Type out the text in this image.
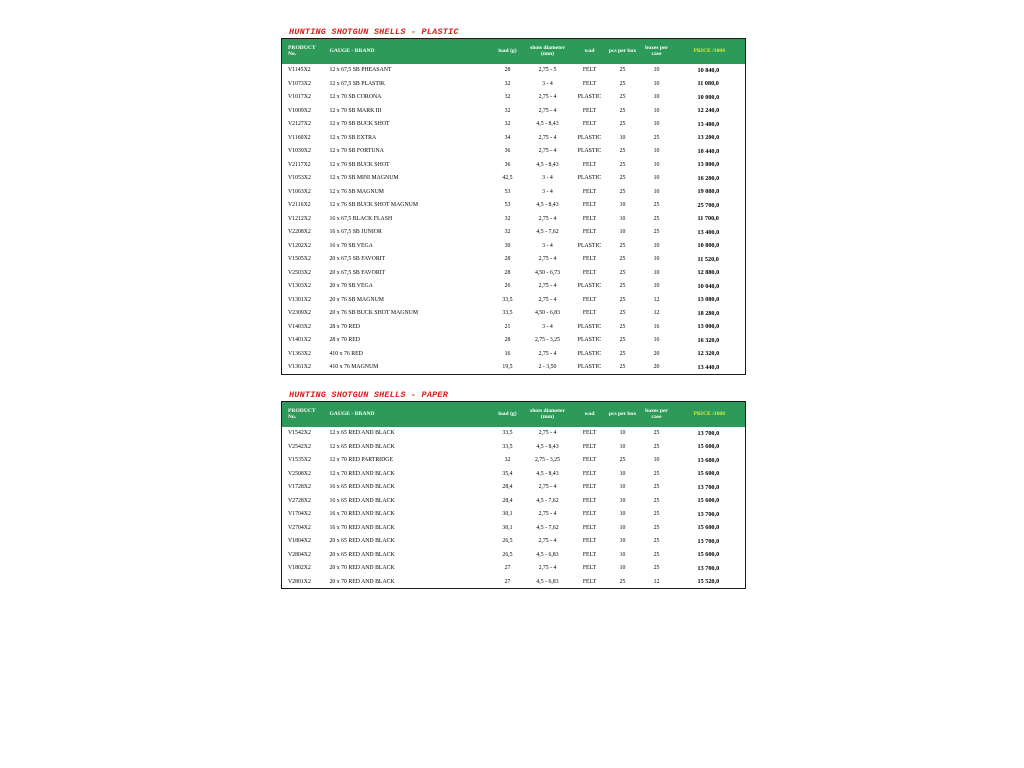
HUNTING SHOTGUN SHELLS - PLASTIC
PRODUCT No.	GAUGE - BRAND	load (g)	shots diameter (mm)	wad	pcs per box	boxes per case	PRICE /1000
V1145X2	12 x 67,5 SB PHEASANT	28	2,75 - 5	FELT	25	10	10 840,0
V1073X2	12 x 67,5 SB PLASTIK	32	3 - 4	FELT	25	10	11 080,0
V1017X2	12 x 70 SB CORONA	32	2,75 - 4	PLASTIC	25	10	10 000,0
V1009X2	12 x 70 SB MARK III	32	2,75 - 4	FELT	25	10	12 240,0
V2127X2	12 x 70 SB BUCK SHOT	32	4,5 - 8,43	FELT	25	10	13 480,0
V1160X2	12 x 70 SB EXTRA	34	2,75 - 4	PLASTIC	10	25	13 200,0
V1039X2	12 x 70 SB FORTUNA	36	2,75 - 4	PLASTIC	25	10	10 440,0
V2117X2	12 x 70 SB BUCK SHOT	36	4,5 - 8,43	FELT	25	10	13 800,0
V1053X2	12 x 70 SB MINI MAGNUM	42,5	3 - 4	PLASTIC	25	10	16 200,0
V1063X2	12 x 76 SB MAGNUM	53	3 - 4	FELT	25	10	19 080,0
V2116X2	12 x 76 SB BUCK SHOT MAGNUM	53	4,5 - 8,43	FELT	10	25	25 700,0
V1212X2	16 x 67,5 BLACK FLASH	32	2,75 - 4	FELT	10	25	11 700,0
V2208X2	16 x 67,5 SB JUNIOR	32	4,5 - 7,62	FELT	10	25	13 400,0
V1202X2	16 x 70 SB VEGA	30	3 - 4	PLASTIC	25	10	10 800,0
V1505X2	20 x 67,5 SB FAVORIT	28	2,75 - 4	FELT	25	10	11 520,0
V2503X2	20 x 67,5 SB FAVORIT	28	4,50 - 6,73	FELT	25	10	12 880,0
V1303X2	20 x 70 SB VEGA	26	2,75 - 4	PLASTIC	25	10	10 040,0
V1301X2	20 x 76 SB MAGNUM	33,5	2,75 - 4	FELT	25	12	13 080,0
V2309X2	20 x 76 SB BUCK SHOT MAGNUM	33,5	4,50 - 6,83	FELT	25	12	18 280,0
V1403X2	28 x 70 RED	21	3 - 4	PLASTIC	25	16	13 000,0
V1401X2	28 x 70 RED	28	2,75 - 3,25	PLASTIC	25	16	16 320,0
V1363X2	410 x 76 RED	16	2,75 - 4	PLASTIC	25	20	12 320,0
V1361X2	410 x 76 MAGNUM	19,5	2 - 3,50	PLASTIC	25	20	13 440,0
HUNTING SHOTGUN SHELLS - PAPER
PRODUCT No.	GAUGE - BRAND	load (g)	shots diameter (mm)	wad	pcs per box	boxes per case	PRICE /1000
V1542X2	12 x 65 RED AND BLACK	33,5	2,75 - 4	FELT	10	25	13 700,0
V2542X2	12 x 65 RED AND BLACK	33,5	4,5 - 8,43	FELT	10	25	15 600,0
V1535X2	12 x 70 RED PARTRIDGE	32	2,75 - 3,25	FELT	25	10	13 680,0
V2508X2	12 x 70 RED AND BLACK	35,4	4,5 - 8,43	FELT	10	25	15 600,0
V1728X2	16 x 65 RED AND BLACK	28,4	2,75 - 4	FELT	10	25	13 700,0
V2728X2	16 x 65 RED AND BLACK	28,4	4,5 - 7,62	FELT	10	25	15 600,0
V1704X2	16 x 70 RED AND BLACK	30,1	2,75 - 4	FELT	10	25	13 700,0
V2704X2	16 x 70 RED AND BLACK	30,1	4,5 - 7,62	FELT	10	25	15 600,0
V1804X2	20 x 65 RED AND BLACK	26,5	2,75 - 4	FELT	10	25	13 700,0
V2804X2	20 x 65 RED AND BLACK	26,5	4,5 - 6,83	FELT	10	25	15 600,0
V1802X2	20 x 70 RED AND BLACK	27	2,75 - 4	FELT	10	25	13 700,0
V2801X2	20 x 70 RED AND BLACK	27	4,5 - 6,83	FELT	25	12	15 520,0
